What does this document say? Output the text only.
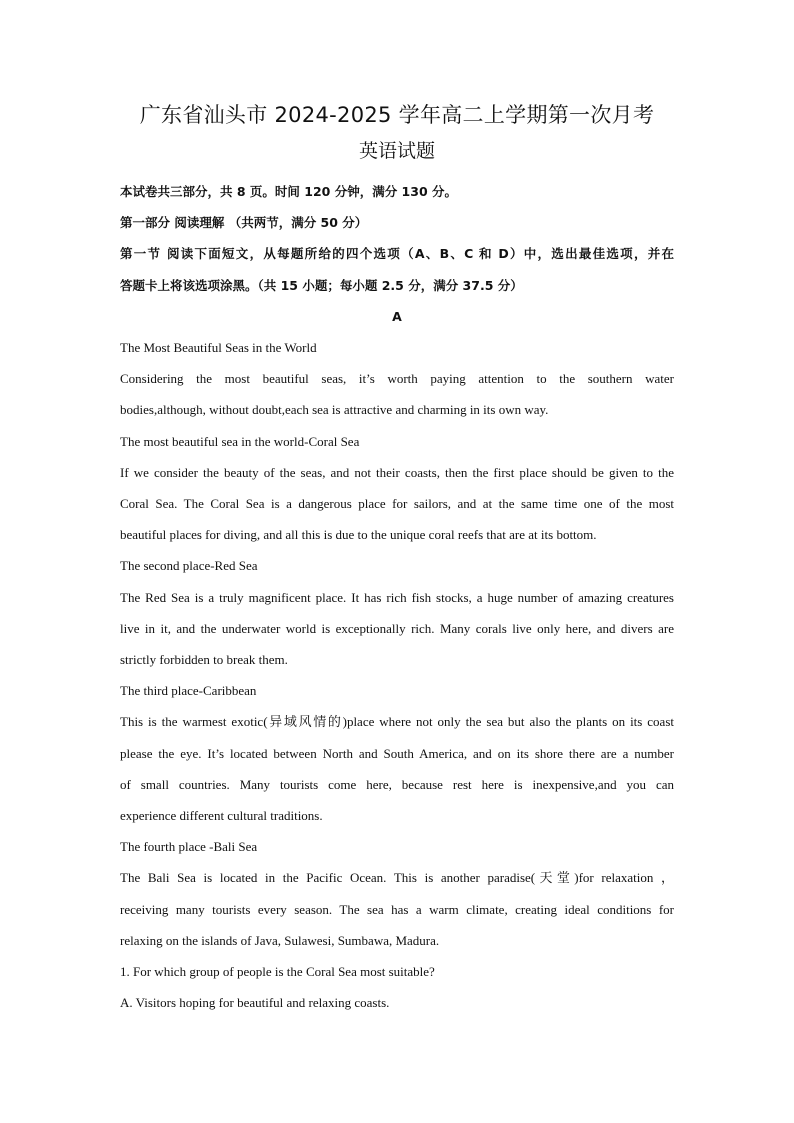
广东省汕头市 2024-2025 学年高二上学期第一次月考

英语试题

本试卷共三部分，共 8 页。时间 120 分钟，满分 130 分。

第一部分 阅读理解 （共两节，满分 50 分）

第一节 阅读下面短文，从每题所给的四个选项（A、B、C 和 D）中，选出最佳选项，并在

答题卡上将该选项涂黑。（共 15 小题；每小题 2.5 分，满分 37.5 分）

A

The Most Beautiful Seas in the World

Considering the most beautiful seas, it’s worth paying attention to the southern water

bodies,although, without doubt,each sea is attractive and charming in its own way.

The most beautiful sea in the world-Coral Sea

If we consider the beauty of the seas, and not their coasts, then the first place should be given to the

Coral Sea. The Coral Sea is a dangerous place for sailors, and at the same time one of the most

beautiful places for diving, and all this is due to the unique coral reefs that are at its bottom.

The second place-Red Sea

The Red Sea is a truly magnificent place. It has rich fish stocks, a huge number of amazing creatures

live in it, and the underwater world is exceptionally rich. Many corals live only here, and divers are

strictly forbidden to break them.

The third place-Caribbean

This is the warmest exotic(异域风情的)place where not only the sea but also the plants on its coast

please the eye. It’s located between North and South America, and on its shore there are a number

of small countries. Many tourists come here, because rest here is inexpensive,and you can

experience different cultural traditions.

The fourth place -Bali Sea

The Bali Sea is located in the Pacific Ocean. This is another paradise(天堂)for relaxation ，

receiving many tourists every season. The sea has a warm climate, creating ideal conditions for

relaxing on the islands of Java, Sulawesi, Sumbawa, Madura.

1. For which group of people is the Coral Sea most suitable?

A. Visitors hoping for beautiful and relaxing coasts.
